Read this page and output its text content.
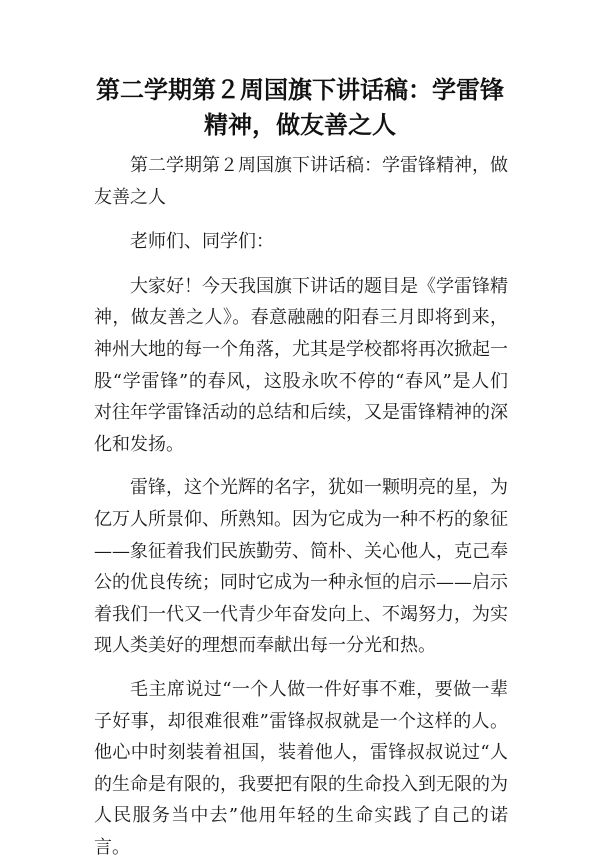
第二学期第２周国旗下讲话稿：学雷锋精神，做友善之人

第二学期第２周国旗下讲话稿：学雷锋精神，做友善之人

老师们、同学们：

大家好！今天我国旗下讲话的题目是《学雷锋精神，做友善之人》。春意融融的阳春三月即将到来，神州大地的每一个角落，尤其是学校都将再次掀起一股“学雷锋”的春风，这股永吹不停的“春风”是人们对往年学雷锋活动的总结和后续，又是雷锋精神的深化和发扬。

雷锋，这个光辉的名字，犹如一颗明亮的星，为亿万人所景仰、所熟知。因为它成为一种不朽的象征——象征着我们民族勤劳、简朴、关心他人，克己奉公的优良传统；同时它成为一种永恒的启示——启示着我们一代又一代青少年奋发向上、不竭努力，为实现人类美好的理想而奉献出每一分光和热。

毛主席说过“一个人做一件好事不难，要做一辈子好事，却很难很难”雷锋叔叔就是一个这样的人。他心中时刻装着祖国，装着他人，雷锋叔叔说过“人的生命是有限的，我要把有限的生命投入到无限的为人民服务当中去”他用年轻的生命实践了自己的诺言。
